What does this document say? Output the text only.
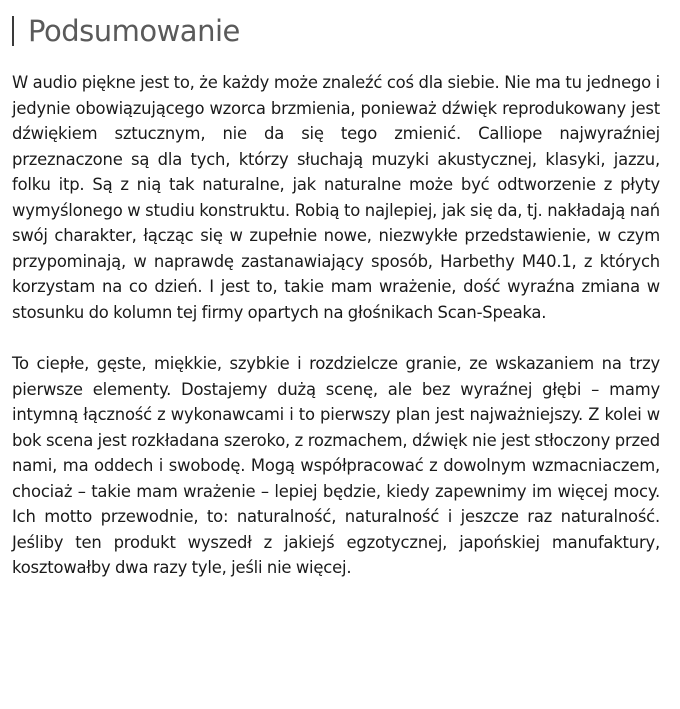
Podsumowanie

W audio piękne jest to, że każdy może znaleźć coś dla siebie. Nie ma tu jednego i jedynie obowiązującego wzorca brzmienia, ponieważ dźwięk reprodukowany jest dźwiękiem sztucznym, nie da się tego zmienić. Calliope najwyraźniej przeznaczone są dla tych, którzy słuchają muzyki akustycznej, klasyki, jazzu, folku itp. Są z nią tak naturalne, jak naturalne może być odtworzenie z płyty wymyślonego w studiu konstruktu. Robią to najlepiej, jak się da, tj. nakładają nań swój charakter, łącząc się w zupełnie nowe, niezwykłe przedstawienie, w czym przypominają, w naprawdę zastanawiający sposób, Harbethy M40.1, z których korzystam na co dzień. I jest to, takie mam wrażenie, dość wyraźna zmiana w stosunku do kolumn tej firmy opartych na głośnikach Scan-Speaka.

To ciepłe, gęste, miękkie, szybkie i rozdzielcze granie, ze wskazaniem na trzy pierwsze elementy. Dostajemy dużą scenę, ale bez wyraźnej głębi – mamy intymną łączność z wykonawcami i to pierwszy plan jest najważniejszy. Z kolei w bok scena jest rozkładana szeroko, z rozmachem, dźwięk nie jest stłoczony przed nami, ma oddech i swobodę. Mogą współpracować z dowolnym wzmacniaczem, chociaż – takie mam wrażenie – lepiej będzie, kiedy zapewnimy im więcej mocy. Ich motto przewodnie, to: naturalność, naturalność i jeszcze raz naturalność. Jeśliby ten produkt wyszedł z jakiejś egzotycznej, japońskiej manufaktury, kosztowałby dwa razy tyle, jeśli nie więcej.
